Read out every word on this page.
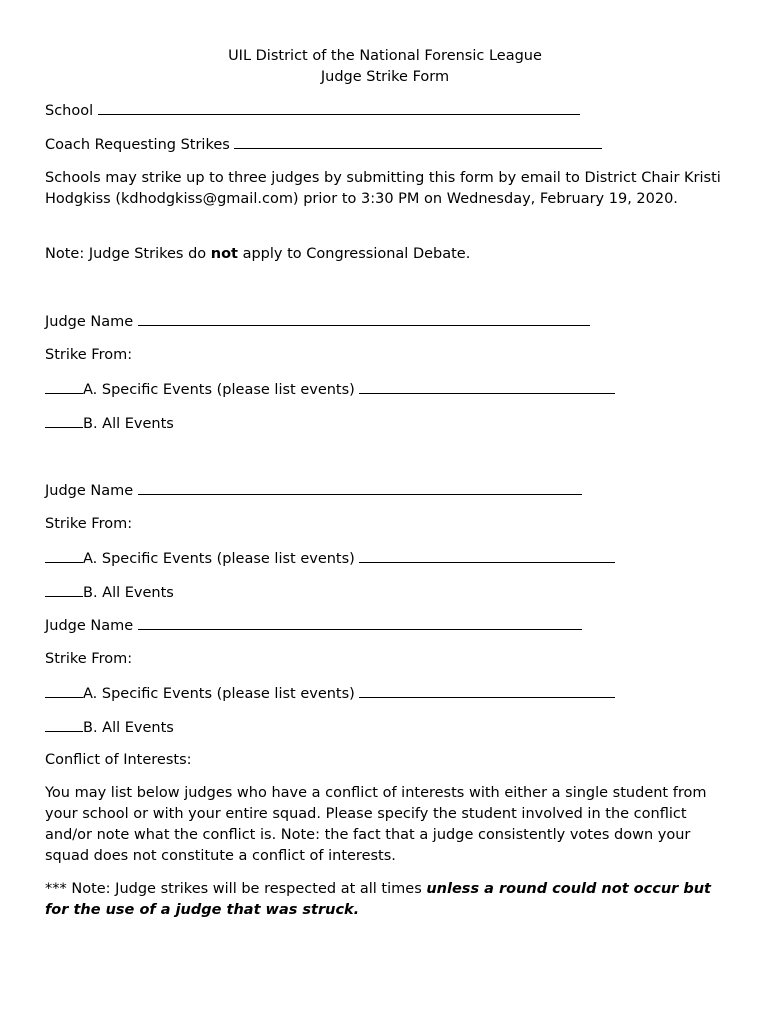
UIL District of the National Forensic League
Judge Strike Form
School
Coach Requesting Strikes

Schools may strike up to three judges by submitting this form by email to District Chair Kristi Hodgkiss (kdhodgkiss@gmail.com) prior to 3:30 PM on Wednesday, February 19, 2020.

Note: Judge Strikes do not apply to Congressional Debate.

Judge Name
Strike From:
A. Specific Events (please list events)
B. All Events
Judge Name
Strike From:
A. Specific Events (please list events)
B. All Events
Judge Name
Strike From:
A. Specific Events (please list events)
B. All Events
Conflict of Interests:

You may list below judges who have a conflict of interests with either a single student from your school or with your entire squad. Please specify the student involved in the conflict and/or note what the conflict is. Note: the fact that a judge consistently votes down your squad does not constitute a conflict of interests.

*** Note: Judge strikes will be respected at all times unless a round could not occur but for the use of a judge that was struck.
